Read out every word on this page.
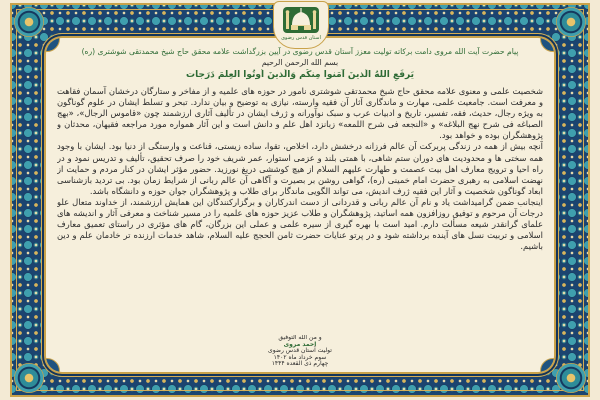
آستان قدس رضوی
پیام حضرت آیت الله مروی دامت برکاته تولیت معزز آستان قدس رضوی در آیین بزرگداشت علامه محقق حاج شیخ محمدتقی شوشتری (ره)
بسم الله الرحمن الرحیم
یَرفَعِ اللهُ الَّذینَ آمَنوا مِنکُم وَالَّذینَ اُوتُوا العِلمَ دَرَجات

شخصیت علمی و معنوی علامه محقق حاج شیخ محمدتقی شوشتری نامور در حوزه های علمیه و از مفاخر و ستارگان درخشان آسمان فقاهت و معرفت است. جامعیت علمی، مهارت و ماندگاری آثار آن فقیه وارسته، نیازی به توضیح و بیان ندارد. تبحر و تسلط ایشان در علوم گوناگون به ویژه رجال، حدیث، فقه، تفسیر، تاریخ و ادبیات عرب و سبک نوآورانه و ژرف ایشان در تألیف آثاری ارزشمند چون «قاموس الرجال»، «بهج الصباغه فی شرح نهج البلاغه» و «النجعه فی شرح اللمعه» زبانزد اهل علم و دانش است و این آثار همواره مورد مراجعه فقیهان، محدثان و پژوهشگران بوده و خواهد بود.

آنچه بیش از همه در زندگی پربرکت آن عالم فرزانه درخشش دارد، اخلاص، تقوا، ساده زیستی، قناعت و وارستگی از دنیا بود. ایشان با وجود همه سختی ها و محدودیت های دوران ستم شاهی، با همتی بلند و عزمی استوار، عمر شریف خود را صرف تحقیق، تألیف و تدریس نمود و در راه احیا و ترویج معارف اهل بیت عصمت و طهارت علیهم السلام از هیچ کوششی دریغ نورزید. حضور مؤثر ایشان در کنار مردم و حمایت از نهضت اسلامی به رهبری حضرت امام خمینی (ره)، گواهی روشن بر بصیرت و آگاهی آن عالم ربانی از شرایط زمان بود. بی تردید بازشناسی ابعاد گوناگون شخصیت و آثار این فقیه ژرف اندیش، می تواند الگویی ماندگار برای طلاب و پژوهشگران جوان حوزه و دانشگاه باشد.

اینجانب ضمن گرامیداشت یاد و نام آن عالم ربانی و قدردانی از دست اندرکاران و برگزارکنندگان این همایش ارزشمند، از خداوند متعال علو درجات آن مرحوم و توفیق روزافزون همه اساتید، پژوهشگران و طلاب عزیز حوزه های علمیه را در مسیر شناخت و معرفی آثار و اندیشه های علمای گرانقدر شیعه مسألت دارم. امید است با بهره گیری از سیره علمی و عملی این بزرگان، گام های مؤثری در راستای تعمیق معارف اسلامی و تربیت نسل های آینده برداشته شود و در پرتو عنایات حضرت ثامن الحجج علیه السلام، شاهد خدمات ارزنده تر خادمان علم و دین باشیم.

و من الله التوفیق
احمد مروی
تولیت آستان قدس رضوی
سوم خرداد ماه ۱۴۰۲
چهارم ذی القعده ۱۴۴۴
